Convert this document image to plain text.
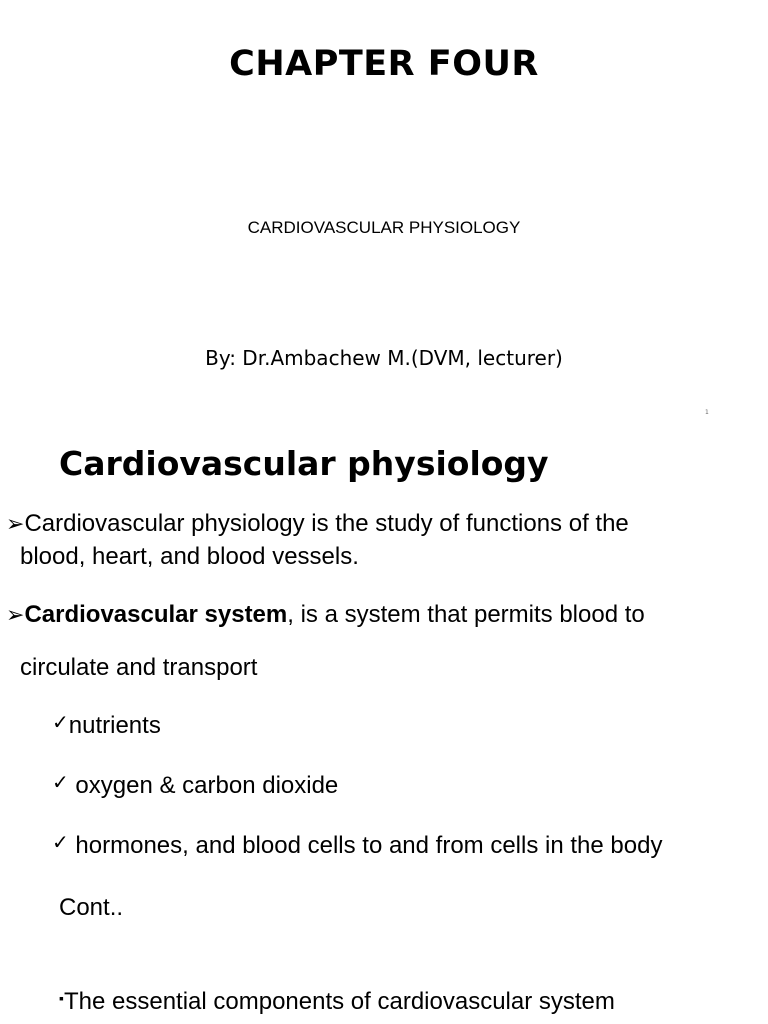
CHAPTER FOUR
CARDIOVASCULAR PHYSIOLOGY
By: Dr.Ambachew M.(DVM, lecturer)
1
Cardiovascular physiology
➢Cardiovascular physiology is the study of functions of the
blood, heart, and blood vessels.
➢Cardiovascular system, is a system that permits blood to
circulate and transport
✓nutrients
✓ oxygen & carbon dioxide
✓ hormones, and blood cells to and from cells in the body
Cont..
▪The essential components of cardiovascular system
